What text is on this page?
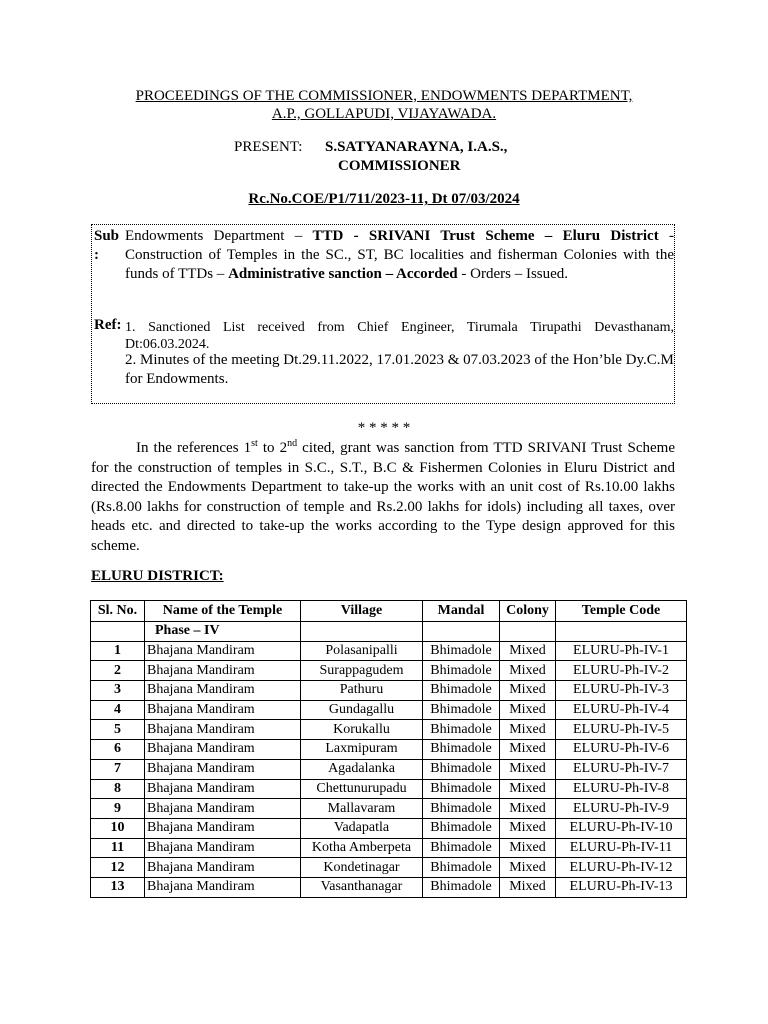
PROCEEDINGS OF THE COMMISSIONER, ENDOWMENTS DEPARTMENT,
A.P., GOLLAPUDI, VIJAYAWADA.
PRESENT: S.SATYANARAYNA, I.A.S.,
COMMISSIONER
Rc.No.COE/P1/711/2023-11, Dt 07/03/2024
Sub:
Endowments Department – TTD - SRIVANI Trust Scheme – Eluru District - Construction of Temples in the SC., ST, BC localities and fisherman Colonies with the funds of TTDs – Administrative sanction – Accorded - Orders – Issued.
Ref: 1. Sanctioned List received from Chief Engineer, Tirumala Tirupathi Devasthanam, Dt:06.03.2024.
2. Minutes of the meeting Dt.29.11.2022, 17.01.2023 & 07.03.2023 of the Hon’ble Dy.C.M for Endowments.
* * * * *
In the references 1st to 2nd cited, grant was sanction from TTD SRIVANI Trust Scheme for the construction of temples in S.C., S.T., B.C & Fishermen Colonies in Eluru District and directed the Endowments Department to take-up the works with an unit cost of Rs.10.00 lakhs (Rs.8.00 lakhs for construction of temple and Rs.2.00 lakhs for idols) including all taxes, over heads etc. and directed to take-up the works according to the Type design approved for this scheme.
ELURU DISTRICT:
Sl. No.	Name of the Temple	Village	Mandal	Colony	Temple Code
	Phase – IV				
1	Bhajana Mandiram	Polasanipalli	Bhimadole	Mixed	ELURU-Ph-IV-1
2	Bhajana Mandiram	Surappagudem	Bhimadole	Mixed	ELURU-Ph-IV-2
3	Bhajana Mandiram	Pathuru	Bhimadole	Mixed	ELURU-Ph-IV-3
4	Bhajana Mandiram	Gundagallu	Bhimadole	Mixed	ELURU-Ph-IV-4
5	Bhajana Mandiram	Korukallu	Bhimadole	Mixed	ELURU-Ph-IV-5
6	Bhajana Mandiram	Laxmipuram	Bhimadole	Mixed	ELURU-Ph-IV-6
7	Bhajana Mandiram	Agadalanka	Bhimadole	Mixed	ELURU-Ph-IV-7
8	Bhajana Mandiram	Chettunurupadu	Bhimadole	Mixed	ELURU-Ph-IV-8
9	Bhajana Mandiram	Mallavaram	Bhimadole	Mixed	ELURU-Ph-IV-9
10	Bhajana Mandiram	Vadapatla	Bhimadole	Mixed	ELURU-Ph-IV-10
11	Bhajana Mandiram	Kotha Amberpeta	Bhimadole	Mixed	ELURU-Ph-IV-11
12	Bhajana Mandiram	Kondetinagar	Bhimadole	Mixed	ELURU-Ph-IV-12
13	Bhajana Mandiram	Vasanthanagar	Bhimadole	Mixed	ELURU-Ph-IV-13
